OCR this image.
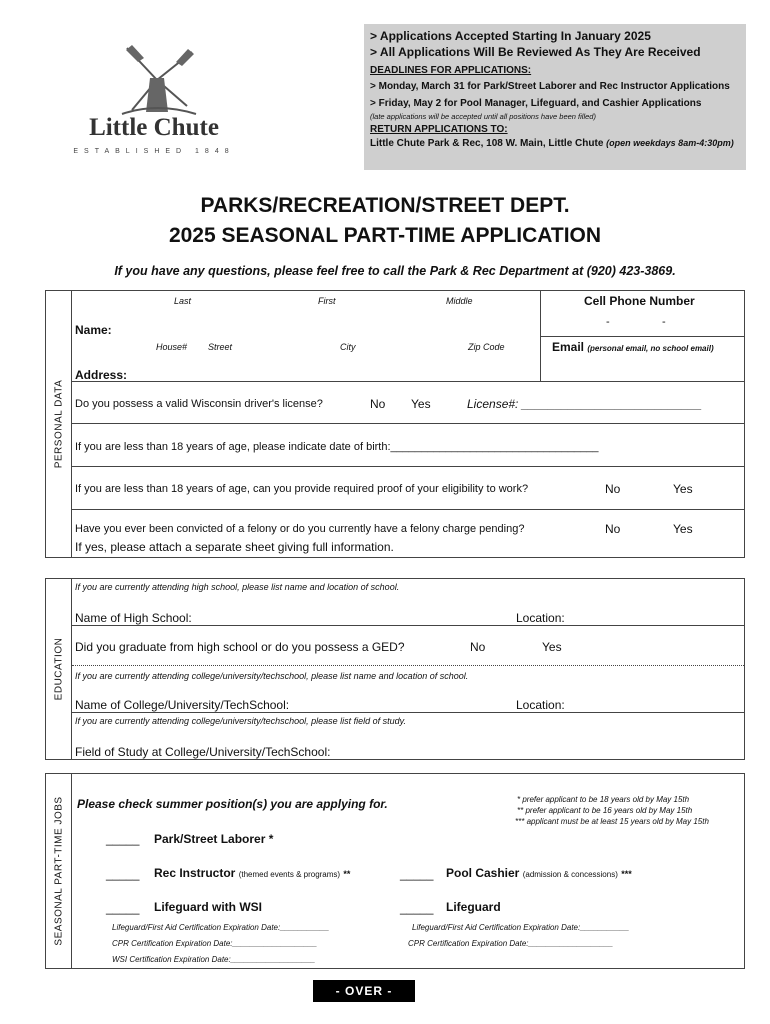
Little Chute
ESTABLISHED 1848
> Applications Accepted Starting In January 2025
> All Applications Will Be Reviewed As They Are Received
DEADLINES FOR APPLICATIONS:
> Monday, March 31 for Park/Street Laborer and Rec Instructor Applications
> Friday, May 2 for Pool Manager, Lifeguard, and Cashier Applications
(late applications will be accepted until all positions have been filled)
RETURN APPLICATIONS TO:
Little Chute Park & Rec, 108 W. Main, Little Chute (open weekdays 8am-4:30pm)
PARKS/RECREATION/STREET DEPT.
2025 SEASONAL PART-TIME APPLICATION
If you have any questions, please feel free to call the Park & Rec Department at (920) 423-3869.
PERSONAL DATA
Last	First	Middle	Cell Phone Number
-	-
Name:
House# Street	City	Zip Code	Email (personal email, no school email)
Address:
Do you possess a valid Wisconsin driver's license?	No Yes	License#: ___________________________
If you are less than 18 years of age, please indicate date of birth:__________________________________
If you are less than 18 years of age, can you provide required proof of your eligibility to work?	No	Yes
Have you ever been convicted of a felony or do you currently have a felony charge pending?	No	Yes
If yes, please attach a separate sheet giving full information.
EDUCATION
If you are currently attending high school, please list name and location of school.
Name of High School:	Location:
Did you graduate from high school or do you possess a GED?	No	Yes
If you are currently attending college/university/techschool, please list name and location of school.
Name of College/University/TechSchool:	Location:
If you are currently attending college/university/techschool, please list field of study.
Field of Study at College/University/TechSchool:
SEASONAL PART-TIME JOBS Please check summer position(s) you are applying for.	* prefer applicant to be 18 years old by May 15th
** prefer applicant to be 16 years old by May 15th
*** applicant must be at least 15 years old by May 15th
_____ Park/Street Laborer *
_____ Rec Instructor (themed events & programs) **	_____ Pool Cashier (admission & concessions) ***
_____ Lifeguard with WSI	_____ Lifeguard
Lifeguard/First Aid Certification Expiration Date:___________
CPR Certification Expiration Date:___________________
WSI Certification Expiration Date:___________________
Lifeguard/First Aid Certification Expiration Date:___________
CPR Certification Expiration Date:___________________
- OVER -
